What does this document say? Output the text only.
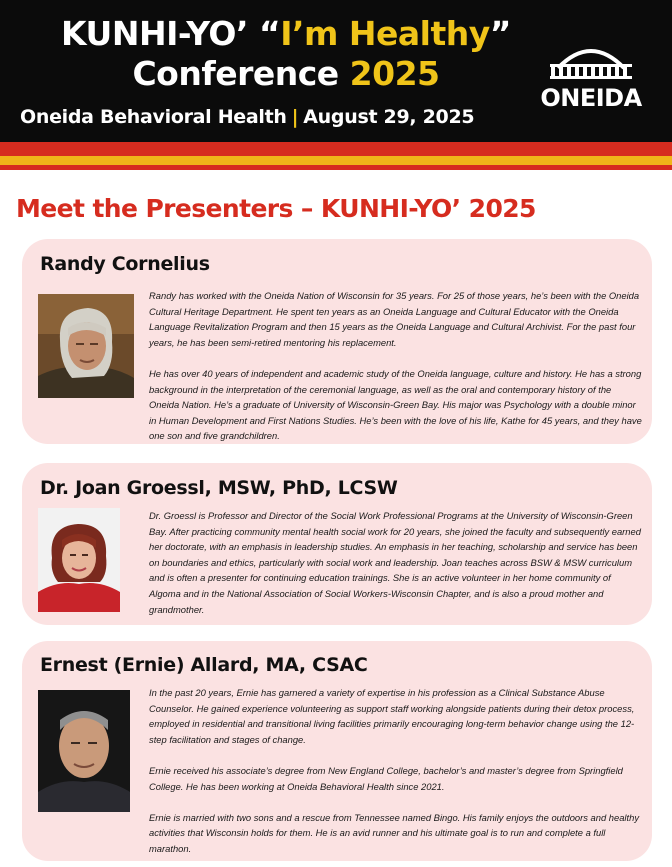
KUNHI-YO’ “I’m Healthy”
Conference 2025
Oneida Behavioral Health | August 29, 2025
ONEIDA
Meet the Presenters – KUNHI-YO’ 2025
Randy Cornelius

Randy has worked with the Oneida Nation of Wisconsin for 35 years. For 25 of those years, he’s been with the Oneida Cultural Heritage Department. He spent ten years as an Oneida Language and Cultural Educator with the Oneida Language Revitalization Program and then 15 years as the Oneida Language and Cultural Archivist. For the past four years, he has been semi-retired mentoring his replacement.

He has over 40 years of independent and academic study of the Oneida language, culture and history. He has a strong background in the interpretation of the ceremonial language, as well as the oral and contemporary history of the Oneida Nation. He’s a graduate of University of Wisconsin-Green Bay. His major was Psychology with a double minor in Human Development and First Nations Studies. He’s been with the love of his life, Kathe for 45 years, and they have one son and five grandchildren.

Dr. Joan Groessl, MSW, PhD, LCSW

Dr. Groessl is Professor and Director of the Social Work Professional Programs at the University of Wisconsin-Green Bay. After practicing community mental health social work for 20 years, she joined the faculty and subsequently earned her doctorate, with an emphasis in leadership studies. An emphasis in her teaching, scholarship and service has been on boundaries and ethics, particularly with social work and leadership. Joan teaches across BSW & MSW curriculum and is often a presenter for continuing education trainings. She is an active volunteer in her home community of Algoma and in the National Association of Social Workers-Wisconsin Chapter, and is also a proud mother and grandmother.

Ernest (Ernie) Allard, MA, CSAC

In the past 20 years, Ernie has garnered a variety of expertise in his profession as a Clinical Substance Abuse Counselor. He gained experience volunteering as support staff working alongside patients during their detox process, employed in residential and transitional living facilities primarily encouraging long-term behavior change using the 12-step facilitation and stages of change.

Ernie received his associate’s degree from New England College, bachelor’s and master’s degree from Springfield College. He has been working at Oneida Behavioral Health since 2021.

Ernie is married with two sons and a rescue from Tennessee named Bingo. His family enjoys the outdoors and healthy activities that Wisconsin holds for them. He is an avid runner and his ultimate goal is to run and complete a full marathon.
